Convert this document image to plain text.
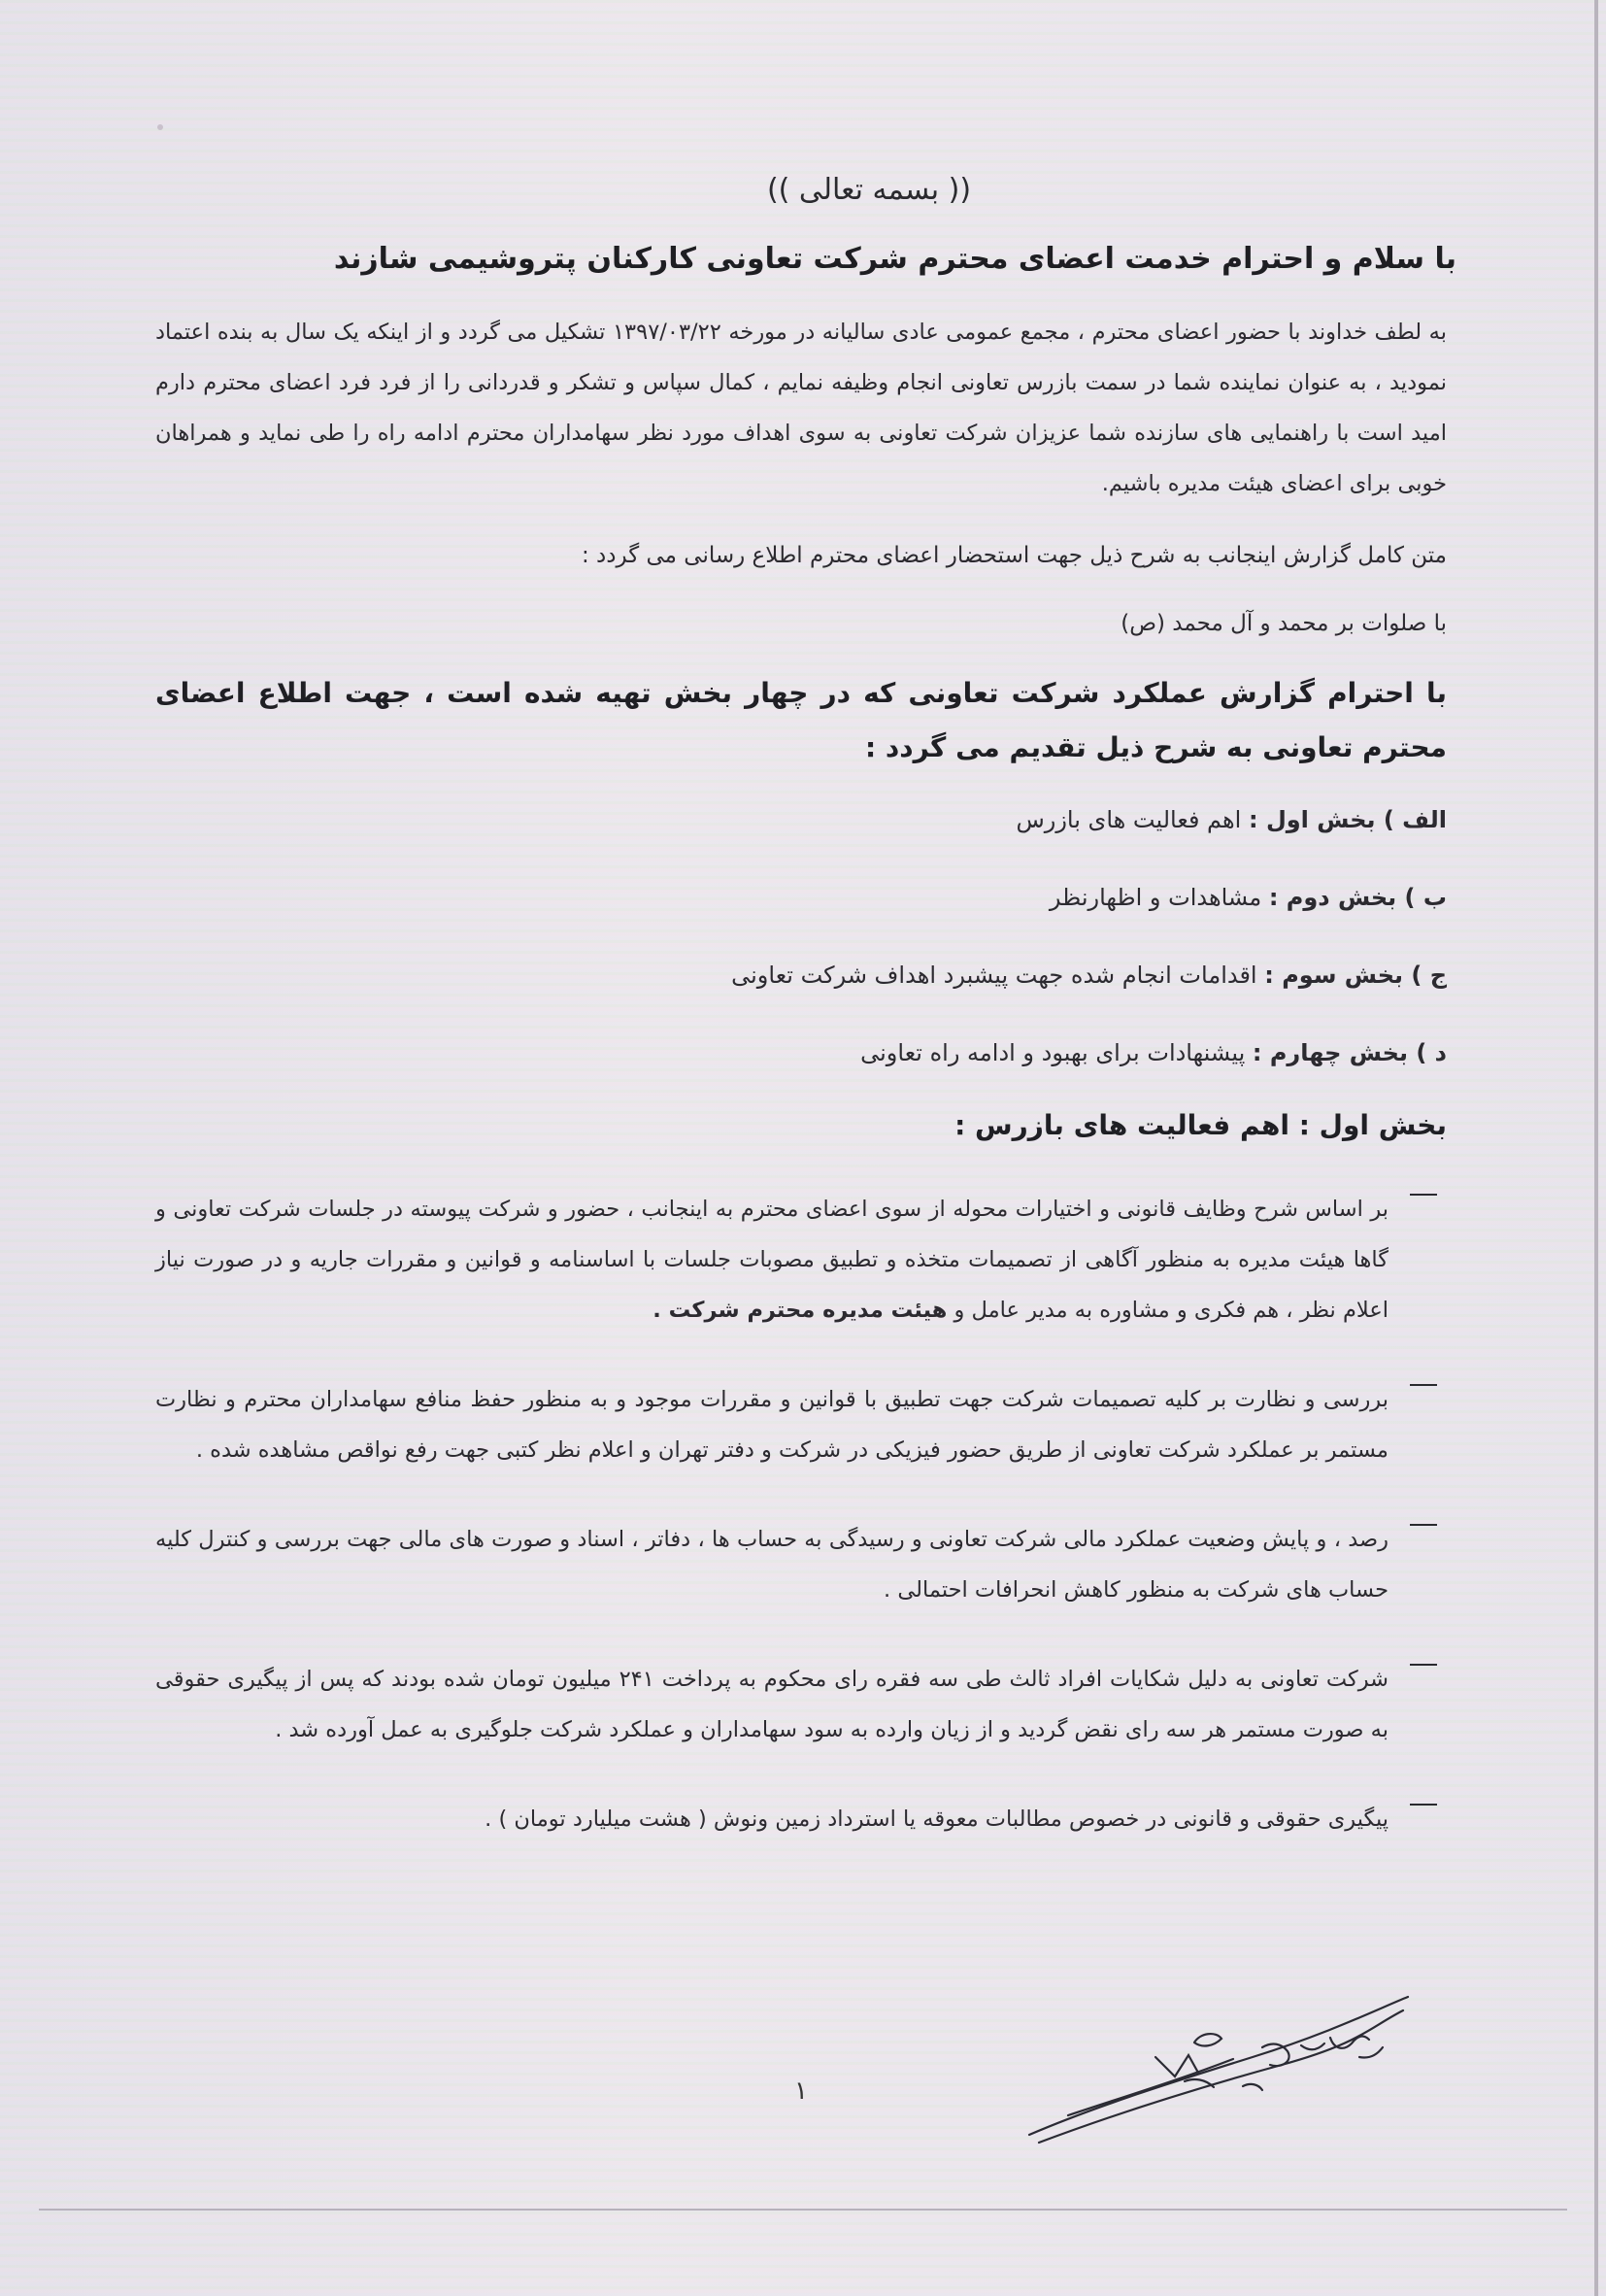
(( بسمه تعالی ))
با سلام و احترام خدمت اعضای محترم شرکت تعاونی کارکنان پتروشیمی شازند
به لطف خداوند با حضور اعضای محترم ، مجمع عمومی عادی سالیانه در مورخه ۱۳۹۷/۰۳/۲۲ تشکیل می گردد و از اینکه یک سال به بنده اعتماد نمودید ، به عنوان نماینده شما در سمت بازرس تعاونی انجام وظیفه نمایم ، کمال سپاس و تشکر و قدردانی را از فرد فرد اعضای محترم دارم امید است با راهنمایی های سازنده شما عزیزان شرکت تعاونی به سوی اهداف مورد نظر سهامداران محترم ادامه راه را طی نماید و همراهان خوبی برای اعضای هیئت مدیره باشیم.
متن کامل گزارش اینجانب به شرح ذیل جهت استحضار اعضای محترم اطلاع رسانی می گردد :
با صلوات بر محمد و آل محمد (ص)
با احترام گزارش عملکرد شرکت تعاونی که در چهار بخش تهیه شده است ، جهت اطلاع اعضای محترم تعاونی به شرح ذیل تقدیم می گردد :
الف ) بخش اول : اهم فعالیت های بازرس
ب ) بخش دوم : مشاهدات و اظهارنظر
ج ) بخش سوم : اقدامات انجام شده جهت پیشبرد اهداف شرکت تعاونی
د ) بخش چهارم : پیشنهادات برای بهبود و ادامه راه تعاونی
بخش اول : اهم فعالیت های بازرس :
بر اساس شرح وظایف قانونی و اختیارات محوله از سوی اعضای محترم به اینجانب ، حضور و شرکت پیوسته در جلسات شرکت تعاونی و گاها هیئت مدیره به منظور آگاهی از تصمیمات متخذه و تطبیق مصوبات جلسات با اساسنامه و قوانین و مقررات جاریه و در صورت نیاز اعلام نظر ، هم فکری و مشاوره به مدیر عامل و هیئت مدیره محترم شرکت .
بررسی و نظارت بر کلیه تصمیمات شرکت جهت تطبیق با قوانین و مقررات موجود و به منظور حفظ منافع سهامداران محترم و نظارت مستمر بر عملکرد شرکت تعاونی از طریق حضور فیزیکی در شرکت و دفتر تهران و اعلام نظر کتبی جهت رفع نواقص مشاهده شده .
رصد ، و پایش وضعیت عملکرد مالی شرکت تعاونی و رسیدگی به حساب ها ، دفاتر ، اسناد و صورت های مالی جهت بررسی و کنترل کلیه حساب های شرکت به منظور کاهش انحرافات احتمالی .
شرکت تعاونی به دلیل شکایات افراد ثالث طی سه فقره رای محکوم به پرداخت ۲۴۱ میلیون تومان شده بودند که پس از پیگیری حقوقی به صورت مستمر هر سه رای نقض گردید و از زیان وارده به سود سهامداران و عملکرد شرکت جلوگیری به عمل آورده شد .
پیگیری حقوقی و قانونی در خصوص مطالبات معوقه یا استرداد زمین ونوش ( هشت میلیارد تومان ) .
۱
